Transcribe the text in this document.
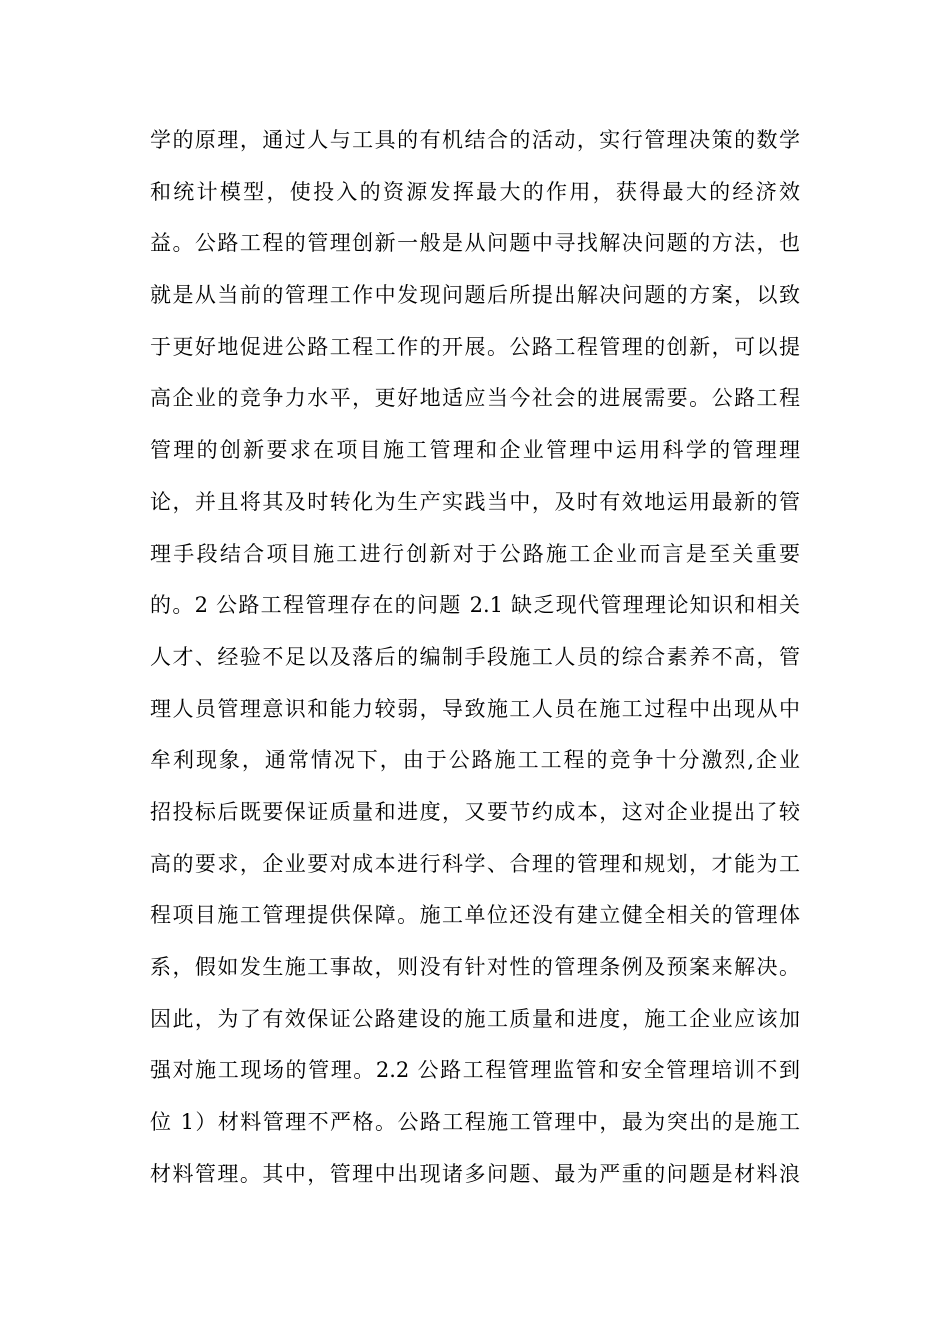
学的原理，通过人与工具的有机结合的活动，实行管理决策的数学
和统计模型，使投入的资源发挥最大的作用，获得最大的经济效
益。公路工程的管理创新一般是从问题中寻找解决问题的方法，也
就是从当前的管理工作中发现问题后所提出解决问题的方案，以致
于更好地促进公路工程工作的开展。公路工程管理的创新，可以提
高企业的竞争力水平，更好地适应当今社会的进展需要。公路工程
管理的创新要求在项目施工管理和企业管理中运用科学的管理理
论，并且将其及时转化为生产实践当中，及时有效地运用最新的管
理手段结合项目施工进行创新对于公路施工企业而言是至关重要
的。2 公路工程管理存在的问题 2.1 缺乏现代管理理论知识和相关
人才、经验不足以及落后的编制手段施工人员的综合素养不高，管
理人员管理意识和能力较弱，导致施工人员在施工过程中出现从中
牟利现象，通常情况下，由于公路施工工程的竞争十分激烈,企业
招投标后既要保证质量和进度，又要节约成本，这对企业提出了较
高的要求，企业要对成本进行科学、合理的管理和规划，才能为工
程项目施工管理提供保障。施工单位还没有建立健全相关的管理体
系，假如发生施工事故，则没有针对性的管理条例及预案来解决。
因此，为了有效保证公路建设的施工质量和进度，施工企业应该加
强对施工现场的管理。2.2 公路工程管理监管和安全管理培训不到
位 1）材料管理不严格。公路工程施工管理中，最为突出的是施工
材料管理。其中，管理中出现诸多问题、最为严重的问题是材料浪
